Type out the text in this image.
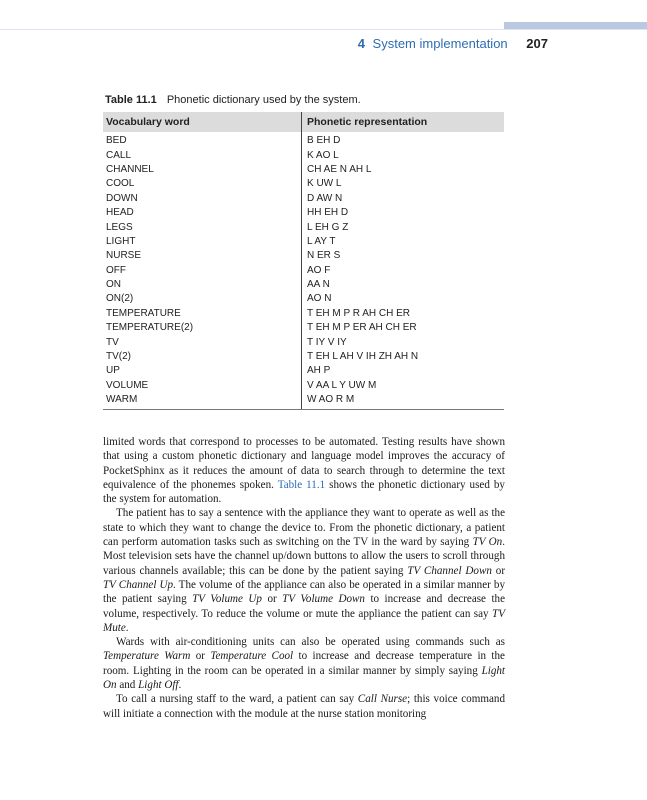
4 System implementation 207
Table 11.1 Phonetic dictionary used by the system.
Vocabulary word	Phonetic representation
BED	B EH D
CALL	K AO L
CHANNEL	CH AE N AH L
COOL	K UW L
DOWN	D AW N
HEAD	HH EH D
LEGS	L EH G Z
LIGHT	L AY T
NURSE	N ER S
OFF	AO F
ON	AA N
ON(2)	AO N
TEMPERATURE	T EH M P R AH CH ER
TEMPERATURE(2)	T EH M P ER AH CH ER
TV	T IY V IY
TV(2)	T EH L AH V IH ZH AH N
UP	AH P
VOLUME	V AA L Y UW M
WARM	W AO R M

limited words that correspond to processes to be automated. Testing results have shown that using a custom phonetic dictionary and language model improves the accuracy of PocketSphinx as it reduces the amount of data to search through to determine the text equivalence of the phonemes spoken. Table 11.1 shows the phonetic dictionary used by the system for automation.

The patient has to say a sentence with the appliance they want to operate as well as the state to which they want to change the device to. From the phonetic dictionary, a patient can perform automation tasks such as switching on the TV in the ward by saying TV On. Most television sets have the channel up/down buttons to allow the users to scroll through various channels available; this can be done by the patient saying TV Channel Down or TV Channel Up. The volume of the appliance can also be operated in a similar manner by the patient saying TV Volume Up or TV Volume Down to increase and decrease the volume, respectively. To reduce the volume or mute the appliance the patient can say TV Mute.

Wards with air-conditioning units can also be operated using commands such as Temperature Warm or Temperature Cool to increase and decrease temperature in the room. Lighting in the room can be operated in a similar manner by simply saying Light On and Light Off.

To call a nursing staff to the ward, a patient can say Call Nurse; this voice command will initiate a connection with the module at the nurse station monitoring
